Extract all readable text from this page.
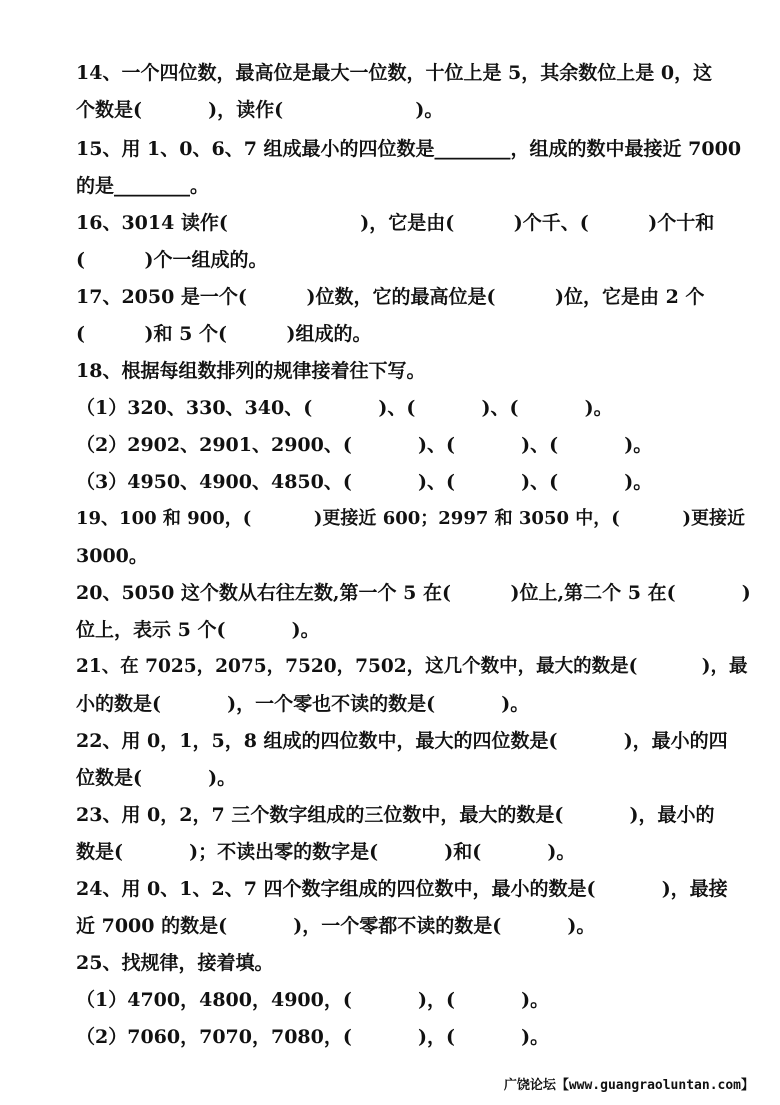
14、一个四位数，最高位是最大一位数，十位上是 5，其余数位上是 0，这
个数是(          )，读作(                    )。
15、用 1、0、6、7 组成最小的四位数是________，组成的数中最接近 7000
的是________。
16、3014 读作(                    )，它是由(         )个千、(         )个十和
(         )个一组成的。
17、2050 是一个(         )位数，它的最高位是(         )位，它是由 2 个
(         )和 5 个(         )组成的。
18、根据每组数排列的规律接着往下写。
（1）320、330、340、(          )、(          )、(          )。
（2）2902、2901、2900、(          )、(          )、(          )。
（3）4950、4900、4850、(          )、(          )、(          )。
19、100 和 900，(          )更接近 600；2997 和 3050 中，(          )更接近
3000。
20、5050 这个数从右往左数,第一个 5 在(         )位上,第二个 5 在(          )
位上，表示 5 个(          )。
21、在 7025，2075，7520，7502，这几个数中，最大的数是(          )，最
小的数是(          )，一个零也不读的数是(          )。
22、用 0，1，5，8 组成的四位数中，最大的四位数是(          )，最小的四
位数是(          )。
23、用 0，2，7 三个数字组成的三位数中，最大的数是(          )，最小的
数是(          )；不读出零的数字是(          )和(          )。
24、用 0、1、2、7 四个数字组成的四位数中，最小的数是(          )，最接
近 7000 的数是(          )，一个零都不读的数是(          )。
25、找规律，接着填。
（1）4700，4800，4900，(          )，(          )。
（2）7060，7070，7080，(          )，(          )。
广饶论坛【www.guangraoluntan.com】
